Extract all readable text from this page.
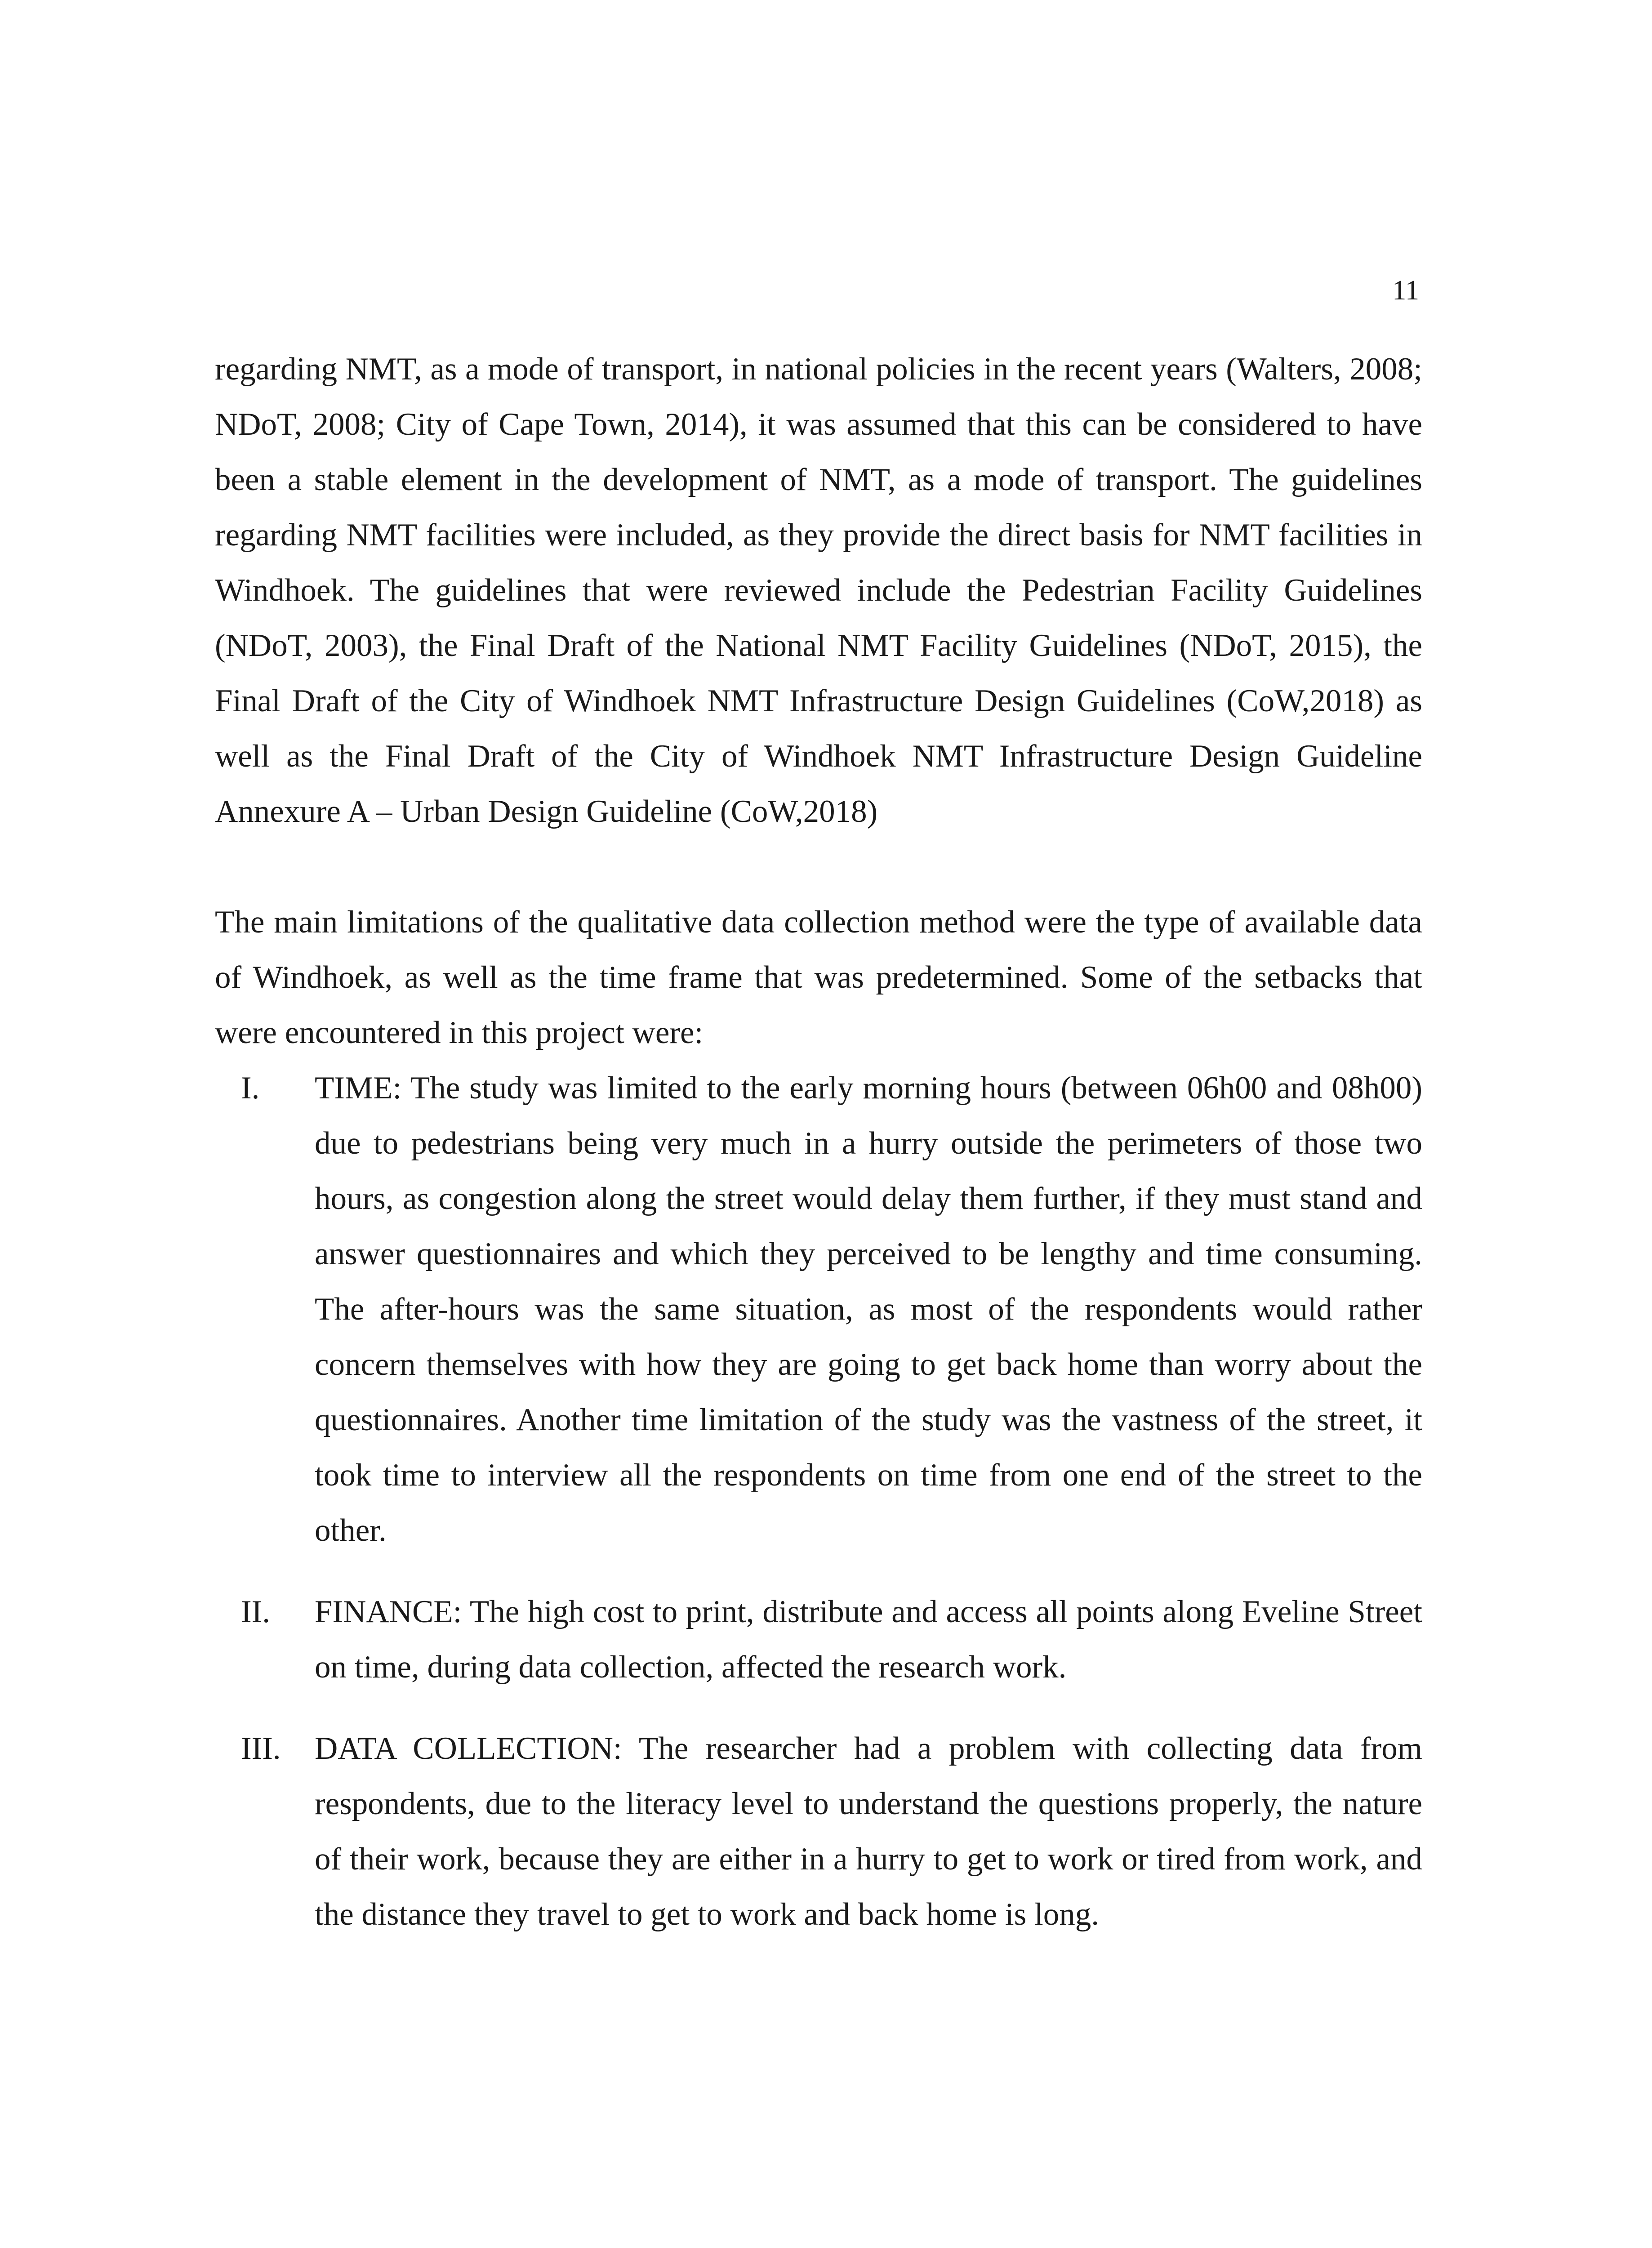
11

regarding NMT, as a mode of transport, in national policies in the recent years (Walters, 2008; NDoT, 2008; City of Cape Town, 2014), it was assumed that this can be considered to have been a stable element in the development of NMT, as a mode of transport. The guidelines regarding NMT facilities were included, as they provide the direct basis for NMT facilities in Windhoek. The guidelines that were reviewed include the Pedestrian Facility Guidelines (NDoT, 2003), the Final Draft of the National NMT Facility Guidelines (NDoT, 2015), the Final Draft of the City of Windhoek NMT Infrastructure Design Guidelines (CoW,2018) as well as the Final Draft of the City of Windhoek NMT Infrastructure Design Guideline Annexure A – Urban Design Guideline (CoW,2018)

The main limitations of the qualitative data collection method were the type of available data of Windhoek, as well as the time frame that was predetermined. Some of the setbacks that were encountered in this project were:

I.	TIME: The study was limited to the early morning hours (between 06h00 and 08h00) due to pedestrians being very much in a hurry outside the perimeters of those two hours, as congestion along the street would delay them further, if they must stand and answer questionnaires and which they perceived to be lengthy and time consuming. The after-hours was the same situation, as most of the respondents would rather concern themselves with how they are going to get back home than worry about the questionnaires. Another time limitation of the study was the vastness of the street, it took time to interview all the respondents on time from one end of the street to the other.
II.	FINANCE: The high cost to print, distribute and access all points along Eveline Street on time, during data collection, affected the research work.
III.	DATA COLLECTION: The researcher had a problem with collecting data from respondents, due to the literacy level to understand the questions properly, the nature of their work, because they are either in a hurry to get to work or tired from work, and the distance they travel to get to work and back home is long.
